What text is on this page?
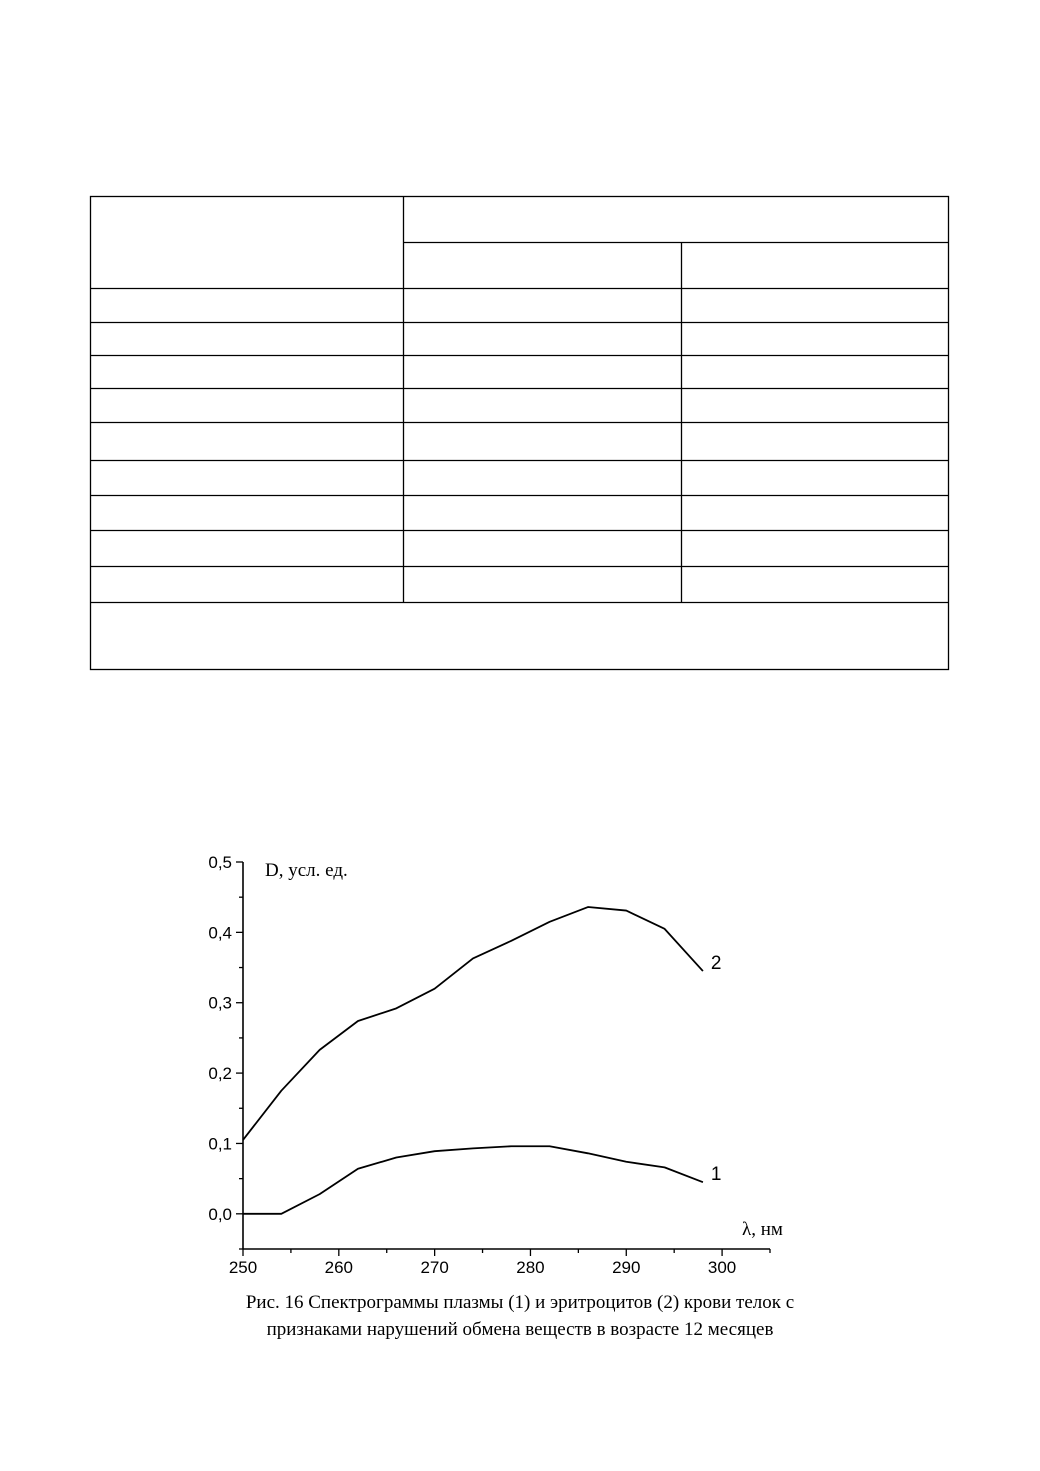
0,0
0,1
0,2
0,3
0,4
0,5
250	260	270	280	290	300
1
2
D, усл. ед.
λ, нм

Рис. 16 Спектрограммы плазмы (1) и эритроцитов (2) крови телок с
признаками нарушений обмена веществ в возрасте 12 месяцев
